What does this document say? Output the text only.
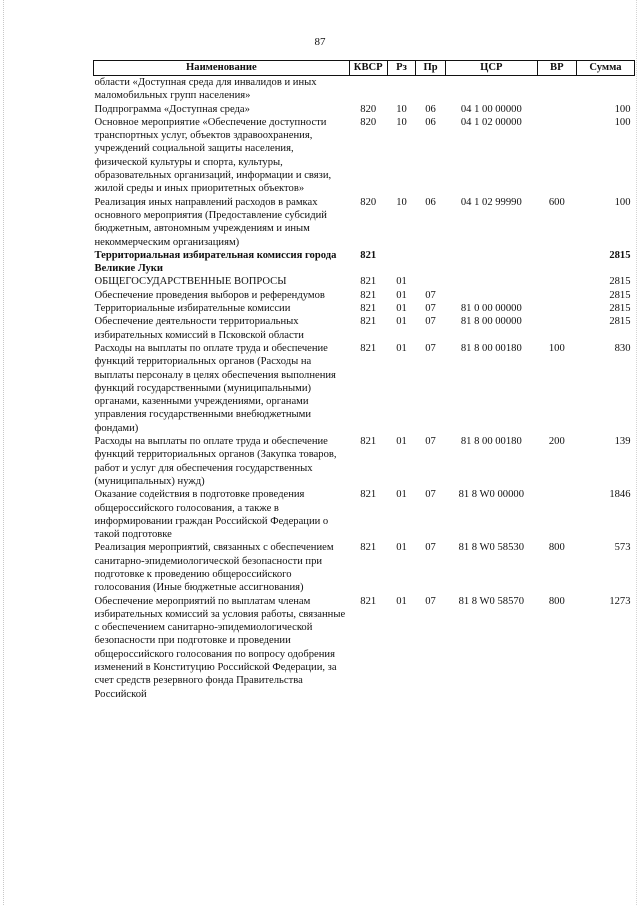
87
Наименование	КВСР	Рз	Пр	ЦСР	ВР	Сумма
области «Доступная среда для инвалидов и иных маломобильных групп населения»						
Подпрограмма «Доступная среда»	820	10	06	04 1 00 00000		100
Основное мероприятие «Обеспечение доступности транспортных услуг, объектов здравоохранения, учреждений социальной защиты населения, физической культуры и спорта, культуры, образовательных организаций, информации и связи, жилой среды и иных приоритетных объектов»	820	10	06	04 1 02 00000		100
Реализация иных направлений расходов в рамках основного мероприятия (Предоставление субсидий бюджетным, автономным учреждениям и иным некоммерческим организациям)	820	10	06	04 1 02 99990	600	100
Территориальная избирательная комиссия города Великие Луки	821					2815
ОБЩЕГОСУДАРСТВЕННЫЕ ВОПРОСЫ	821	01				2815
Обеспечение проведения выборов и референдумов	821	01	07			2815
Территориальные избирательные комиссии	821	01	07	81 0 00 00000		2815
Обеспечение деятельности территориальных избирательных комиссий в Псковской области	821	01	07	81 8 00 00000		2815
Расходы на выплаты по оплате труда и обеспечение функций территориальных органов (Расходы на выплаты персоналу в целях обеспечения выполнения функций государственными (муниципальными) органами, казенными учреждениями, органами управления государственными внебюджетными фондами)	821	01	07	81 8 00 00180	100	830
Расходы на выплаты по оплате труда и обеспечение функций территориальных органов (Закупка товаров, работ и услуг для обеспечения государственных (муниципальных) нужд)	821	01	07	81 8 00 00180	200	139
Оказание содействия в подготовке проведения общероссийского голосования, а также в информировании граждан Российской Федерации о такой подготовке	821	01	07	81 8 W0 00000		1846
Реализация мероприятий, связанных с обеспечением санитарно-эпидемиологической безопасности при подготовке к проведению общероссийского голосования (Иные бюджетные ассигнования)	821	01	07	81 8 W0 58530	800	573
Обеспечение мероприятий по выплатам членам избирательных комиссий за условия работы, связанные с обеспечением санитарно-эпидемиологической безопасности при подготовке и проведении общероссийского голосования по вопросу одобрения изменений в Конституцию Российской Федерации, за счет средств резервного фонда Правительства Российской	821	01	07	81 8 W0 58570	800	1273
